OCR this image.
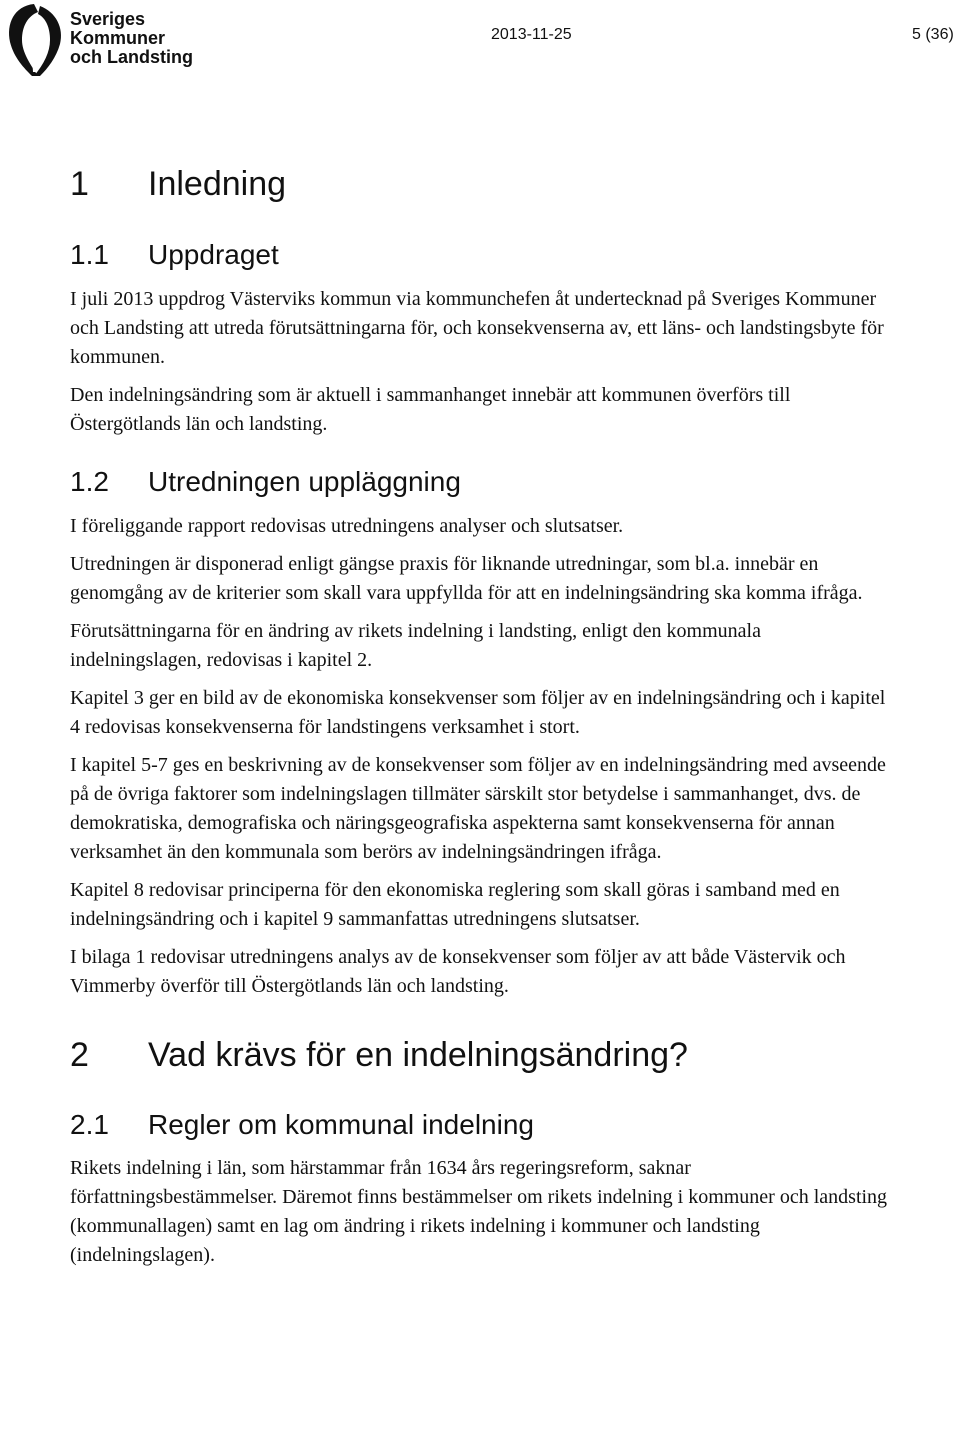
Sveriges
Kommuner
och Landsting
2013-11-25	5 (36)
1	Inledning
1.1	Uppdraget

I juli 2013 uppdrog Västerviks kommun via kommunchefen åt undertecknad på Sveriges Kommuner och Landsting att utreda förutsättningarna för, och konsekvenserna av, ett läns- och landstingsbyte för kommunen.

Den indelningsändring som är aktuell i sammanhanget innebär att kommunen överförs till Östergötlands län och landsting.

1.2	Utredningen uppläggning

I föreliggande rapport redovisas utredningens analyser och slutsatser.

Utredningen är disponerad enligt gängse praxis för liknande utredningar, som bl.a. innebär en genomgång av de kriterier som skall vara uppfyllda för att en indelningsändring ska komma ifråga.

Förutsättningarna för en ändring av rikets indelning i landsting, enligt den kommunala indelningslagen, redovisas i kapitel 2.

Kapitel 3 ger en bild av de ekonomiska konsekvenser som följer av en indelningsändring och i kapitel 4 redovisas konsekvenserna för landstingens verksamhet i stort.

I kapitel 5-7 ges en beskrivning av de konsekvenser som följer av en indelningsändring med avseende på de övriga faktorer som indelningslagen tillmäter särskilt stor betydelse i sammanhanget, dvs. de demokratiska, demografiska och näringsgeografiska aspekterna samt konsekvenserna för annan verksamhet än den kommunala som berörs av indelningsändringen ifråga.

Kapitel 8 redovisar principerna för den ekonomiska reglering som skall göras i samband med en indelningsändring och i kapitel 9 sammanfattas utredningens slutsatser.

I bilaga 1 redovisar utredningens analys av de konsekvenser som följer av att både Västervik och Vimmerby överför till Östergötlands län och landsting.

2	Vad krävs för en indelningsändring?
2.1	Regler om kommunal indelning

Rikets indelning i län, som härstammar från 1634 års regeringsreform, saknar författningsbestämmelser. Däremot finns bestämmelser om rikets indelning i kommuner och landsting (kommunallagen) samt en lag om ändring i rikets indelning i kommuner och landsting (indelningslagen).
